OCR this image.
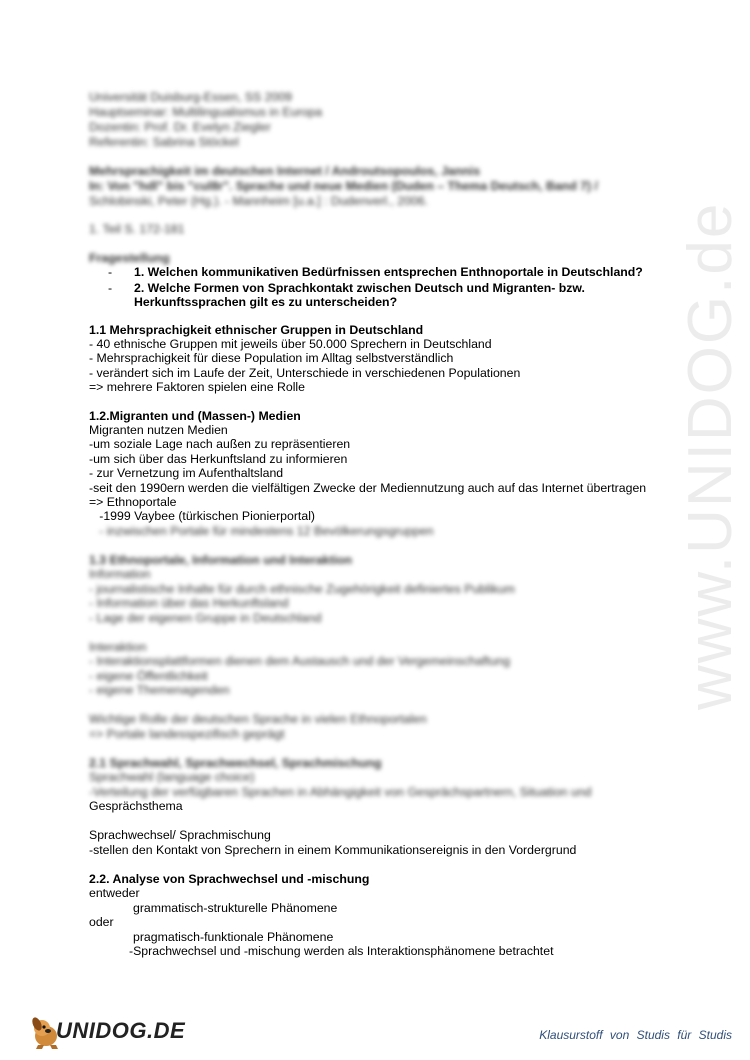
www.UNIDOG.de
Universität Duisburg-Essen, SS 2009
Hauptseminar: Multilingualismus in Europa
Dozentin: Prof. Dr. Evelyn Ziegler
Referentin: Sabrina Stöckel
Mehrsprachigkeit im deutschen Internet / Androutsopoulos, Jannis
In: Von "hdl" bis "cul8r". Sprache und neue Medien (Duden – Thema Deutsch, Band 7) /
Schlobinski, Peter (Hg.). - Mannheim [u.a.] : Dudenverl., 2006.
1. Teil S. 172-181
Fragestellung
- 1. Welchen kommunikativen Bedürfnissen entsprechen Enthnoportale in Deutschland?
- 2. Welche Formen von Sprachkontakt zwischen Deutsch und Migranten- bzw.
Herkunftssprachen gilt es zu unterscheiden?
1.1 Mehrsprachigkeit ethnischer Gruppen in Deutschland
- 40 ethnische Gruppen mit jeweils über 50.000 Sprechern in Deutschland
- Mehrsprachigkeit für diese Population im Alltag selbstverständlich
- verändert sich im Laufe der Zeit, Unterschiede in verschiedenen Populationen
=> mehrere Faktoren spielen eine Rolle
1.2.Migranten und (Massen-) Medien
Migranten nutzen Medien
-um soziale Lage nach außen zu repräsentieren
-um sich über das Herkunftsland zu informieren
- zur Vernetzung im Aufenthaltsland
-seit den 1990ern werden die vielfältigen Zwecke der Mediennutzung auch auf das Internet übertragen
=> Ethnoportale
-1999 Vaybee (türkischen Pionierportal)
- inzwischen Portale für mindestens 12 Bevölkerungsgruppen
1.3 Ethnoportale, Information und Interaktion
Information
- journalistische Inhalte für durch ethnische Zugehörigkeit definiertes Publikum
- Information über das Herkunftsland
- Lage der eigenen Gruppe in Deutschland
Interaktion
- Interaktionsplattformen dienen dem Austausch und der Vergemeinschaftung
- eigene Öffentlichkeit
- eigene Themenagenden
Wichtige Rolle der deutschen Sprache in vielen Ethnoportalen
=> Portale landesspezifisch geprägt
2.1 Sprachwahl, Sprachwechsel, Sprachmischung
Sprachwahl (language choice)
-Verteilung der verfügbaren Sprachen in Abhängigkeit von Gesprächspartnern, Situation und
Gesprächsthema
Sprachwechsel/ Sprachmischung
-stellen den Kontakt von Sprechern in einem Kommunikationsereignis in den Vordergrund
2.2. Analyse von Sprachwechsel und -mischung
entweder
grammatisch-strukturelle Phänomene
oder
pragmatisch-funktionale Phänomene
-Sprachwechsel und -mischung werden als Interaktionsphänomene betrachtet
UNIDOG.DE	Klausurstoff von Studis für Studis
